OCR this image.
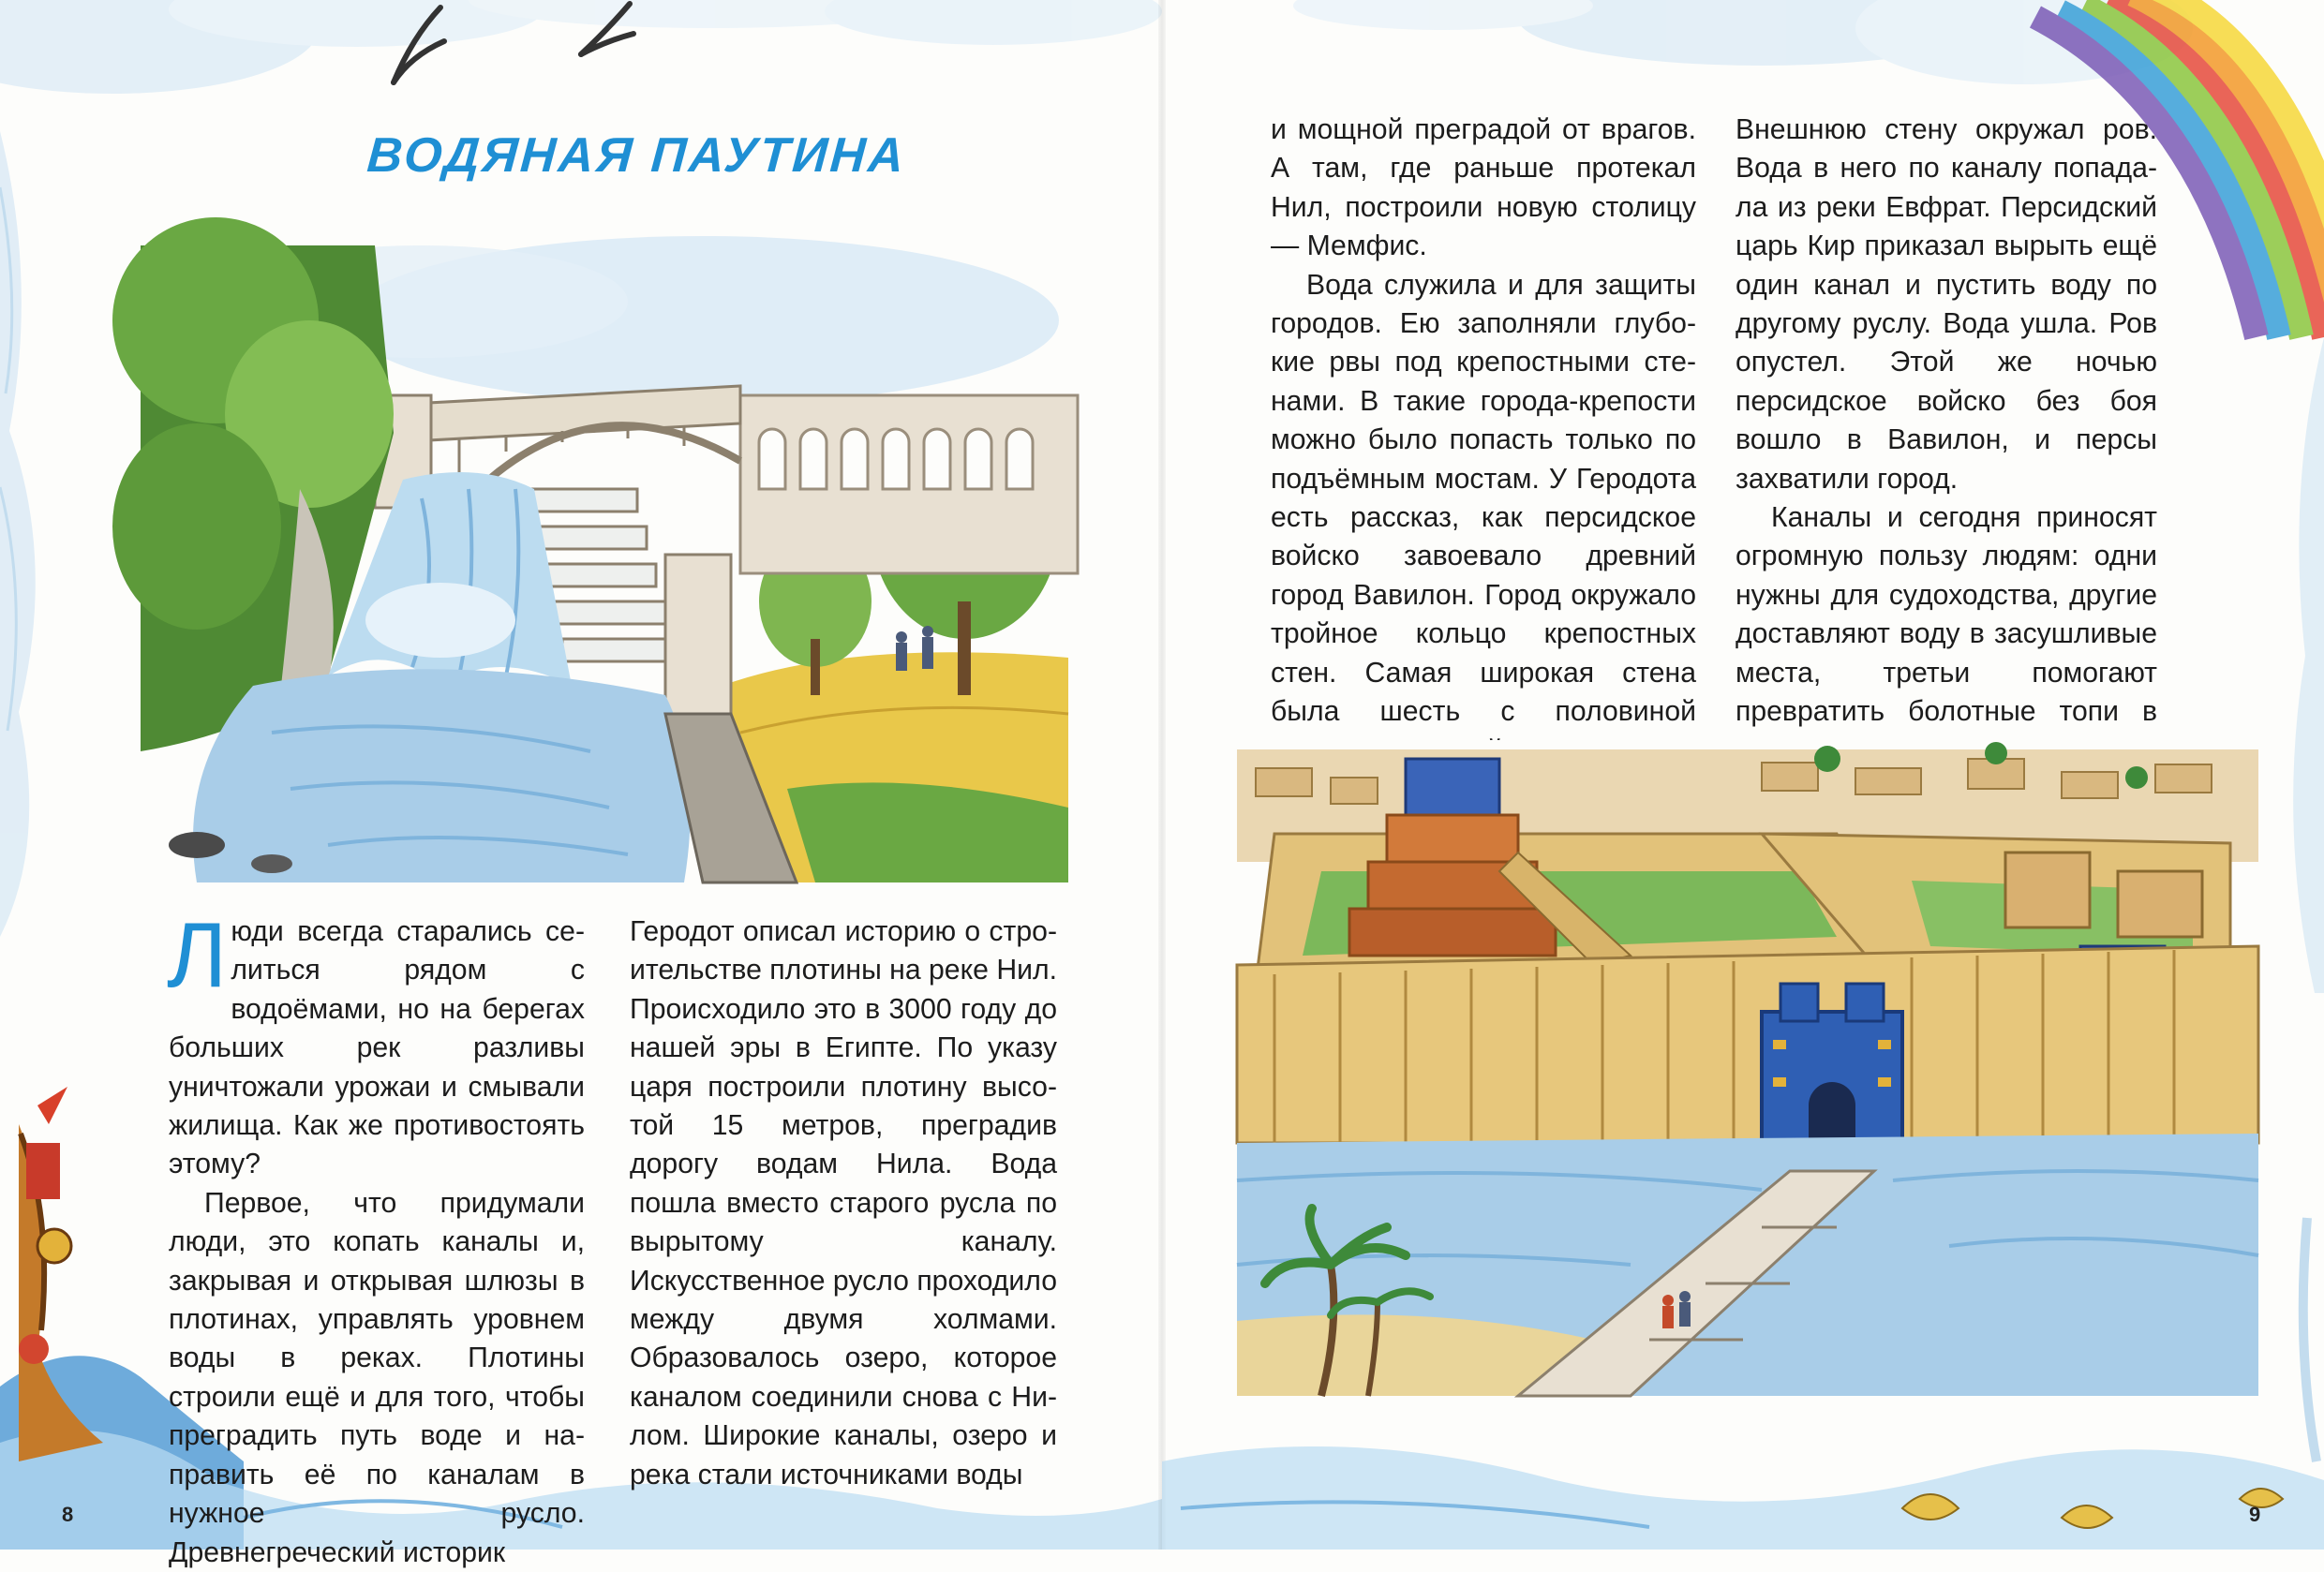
ВОДЯНАЯ ПАУТИНА

Люди всегда старались селиться рядом с водоёмами, но на берегах больших рек разливы уничтожали урожаи и смывали жилища. Как же противостоять этому?

Первое, что придумали люди, это копать каналы и, закрывая и открывая шлюзы в плотинах, управлять уровнем воды в реках. Плотины строили ещё и для того, чтобы преградить путь воде и направить её по каналам в нужное русло. Древнегреческий историк

Геродот описал историю о строительстве плотины на реке Нил. Происходило это в 3000 году до нашей эры в Египте. По указу царя построили плотину высотой 15 метров, преградив дорогу водам Нила. Вода пошла вместо старого русла по вырытому каналу. Искусственное русло проходило между двумя холмами. Образовалось озеро, которое каналом соединили снова с Нилом. Широкие каналы, озеро и река стали источниками воды

8

и мощной преградой от врагов. А там, где раньше протекал Нил, построили новую столицу — Мемфис.

Вода служила и для защиты городов. Ею заполняли глубокие рвы под крепостными стенами. В такие города-крепости можно было попасть только по подъёмным мостам. У Геродота есть рассказ, как персидское войско завоевало древний город Вавилон. Город окружало тройное кольцо крепостных стен. Самая широкая стена была шесть с половиной

Внешнюю стену окружал ров. Вода в него по каналу попадала из реки Евфрат. Персидский царь Кир приказал вырыть ещё один канал и пустить воду по другому руслу. Вода ушла. Ров опустел. Этой же ночью персидское войско без боя вошло в Вавилон, и персы захватили город.

Каналы и сегодня приносят огромную пользу людям: одни нужны для судоходства, другие доставляют воду в засушливые места, третьи помогают превратить болотные топи в

9
